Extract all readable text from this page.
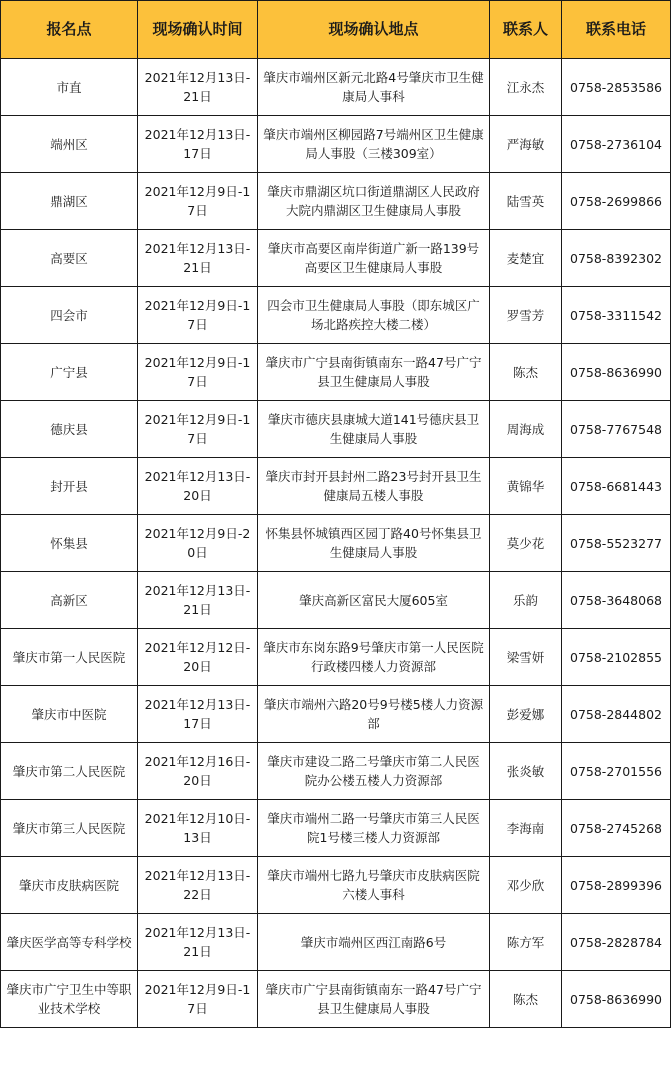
报名点	现场确认时间	现场确认地点	联系人	联系电话
市直	2021年12月13日-21日	肇庆市端州区新元北路4号肇庆市卫生健康局人事科	江永杰	0758-2853586
端州区	2021年12月13日-17日	肇庆市端州区柳园路7号端州区卫生健康局人事股（三楼309室）	严海敏	0758-2736104
鼎湖区	2021年12月9日-17日	肇庆市鼎湖区坑口街道鼎湖区人民政府大院内鼎湖区卫生健康局人事股	陆雪英	0758-2699866
高要区	2021年12月13日-21日	肇庆市高要区南岸街道广新一路139号高要区卫生健康局人事股	麦楚宜	0758-8392302
四会市	2021年12月9日-17日	四会市卫生健康局人事股（即东城区广场北路疾控大楼二楼）	罗雪芳	0758-3311542
广宁县	2021年12月9日-17日	肇庆市广宁县南街镇南东一路47号广宁县卫生健康局人事股	陈杰	0758-8636990
德庆县	2021年12月9日-17日	肇庆市德庆县康城大道141号德庆县卫生健康局人事股	周海成	0758-7767548
封开县	2021年12月13日-20日	肇庆市封开县封州二路23号封开县卫生健康局五楼人事股	黄锦华	0758-6681443
怀集县	2021年12月9日-20日	怀集县怀城镇西区园丁路40号怀集县卫生健康局人事股	莫少花	0758-5523277
高新区	2021年12月13日-21日	肇庆高新区富民大厦605室	乐韵	0758-3648068
肇庆市第一人民医院	2021年12月12日-20日	肇庆市东岗东路9号肇庆市第一人民医院行政楼四楼人力资源部	梁雪妍	0758-2102855
肇庆市中医院	2021年12月13日-17日	肇庆市端州六路20号9号楼5楼人力资源部	彭爱娜	0758-2844802
肇庆市第二人民医院	2021年12月16日-20日	肇庆市建设二路二号肇庆市第二人民医院办公楼五楼人力资源部	张炎敏	0758-2701556
肇庆市第三人民医院	2021年12月10日-13日	肇庆市端州二路一号肇庆市第三人民医院1号楼三楼人力资源部	李海南	0758-2745268
肇庆市皮肤病医院	2021年12月13日-22日	肇庆市端州七路九号肇庆市皮肤病医院六楼人事科	邓少欣	0758-2899396
肇庆医学高等专科学校	2021年12月13日-21日	肇庆市端州区西江南路6号	陈方军	0758-2828784
肇庆市广宁卫生中等职业技术学校	2021年12月9日-17日	肇庆市广宁县南街镇南东一路47号广宁县卫生健康局人事股	陈杰	0758-8636990
